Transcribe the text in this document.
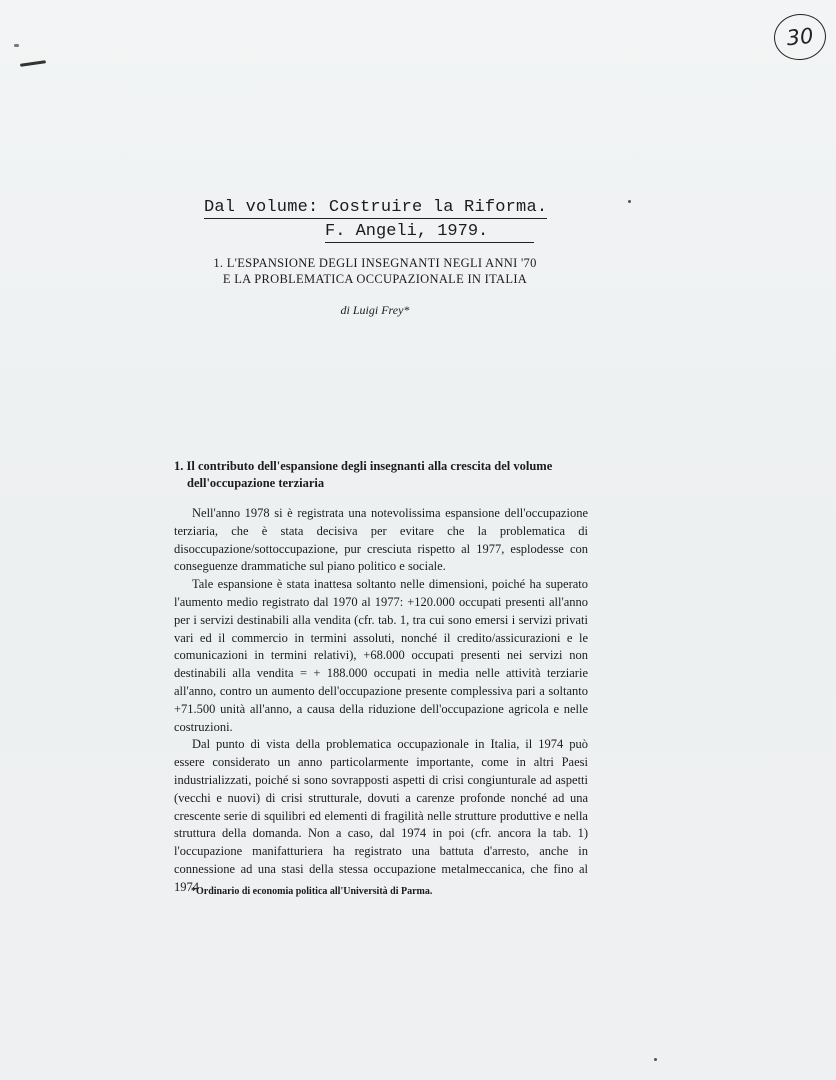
30
Dal volume: Costruire la Riforma.
F. Angeli, 1979.
1. L'ESPANSIONE DEGLI INSEGNANTI NEGLI ANNI '70
E LA PROBLEMATICA OCCUPAZIONALE IN ITALIA
di Luigi Frey*
1. Il contributo dell'espansione degli insegnanti alla crescita del volume
dell'occupazione terziaria

Nell'anno 1978 si è registrata una notevolissima espansione dell'occupazione terziaria, che è stata decisiva per evitare che la problematica di disoccupazione/sottoccupazione, pur cresciuta rispetto al 1977, esplodesse con conseguenze drammatiche sul piano politico e sociale.

Tale espansione è stata inattesa soltanto nelle dimensioni, poiché ha superato l'aumento medio registrato dal 1970 al 1977: +120.000 occupati presenti all'anno per i servizi destinabili alla vendita (cfr. tab. 1, tra cui sono emersi i servizi privati vari ed il commercio in termini assoluti, nonché il credito/assicurazioni e le comunicazioni in termini relativi), +68.000 occupati presenti nei servizi non destinabili alla vendita = + 188.000 occupati in media nelle attività terziarie all'anno, contro un aumento dell'occupazione presente complessiva pari a soltanto +71.500 unità all'anno, a causa della riduzione dell'occupazione agricola e nelle costruzioni.

Dal punto di vista della problematica occupazionale in Italia, il 1974 può essere considerato un anno particolarmente importante, come in altri Paesi industrializzati, poiché si sono sovrapposti aspetti di crisi congiunturale ad aspetti (vecchi e nuovi) di crisi strutturale, dovuti a carenze profonde nonché ad una crescente serie di squilibri ed elementi di fragilità nelle strutture produttive e nella struttura della domanda. Non a caso, dal 1974 in poi (cfr. ancora la tab. 1) l'occupazione manifatturiera ha registrato una battuta d'arresto, anche in connessione ad una stasi della stessa occupazione metalmeccanica, che fino al 1974

*Ordinario di economia politica all'Università di Parma.
